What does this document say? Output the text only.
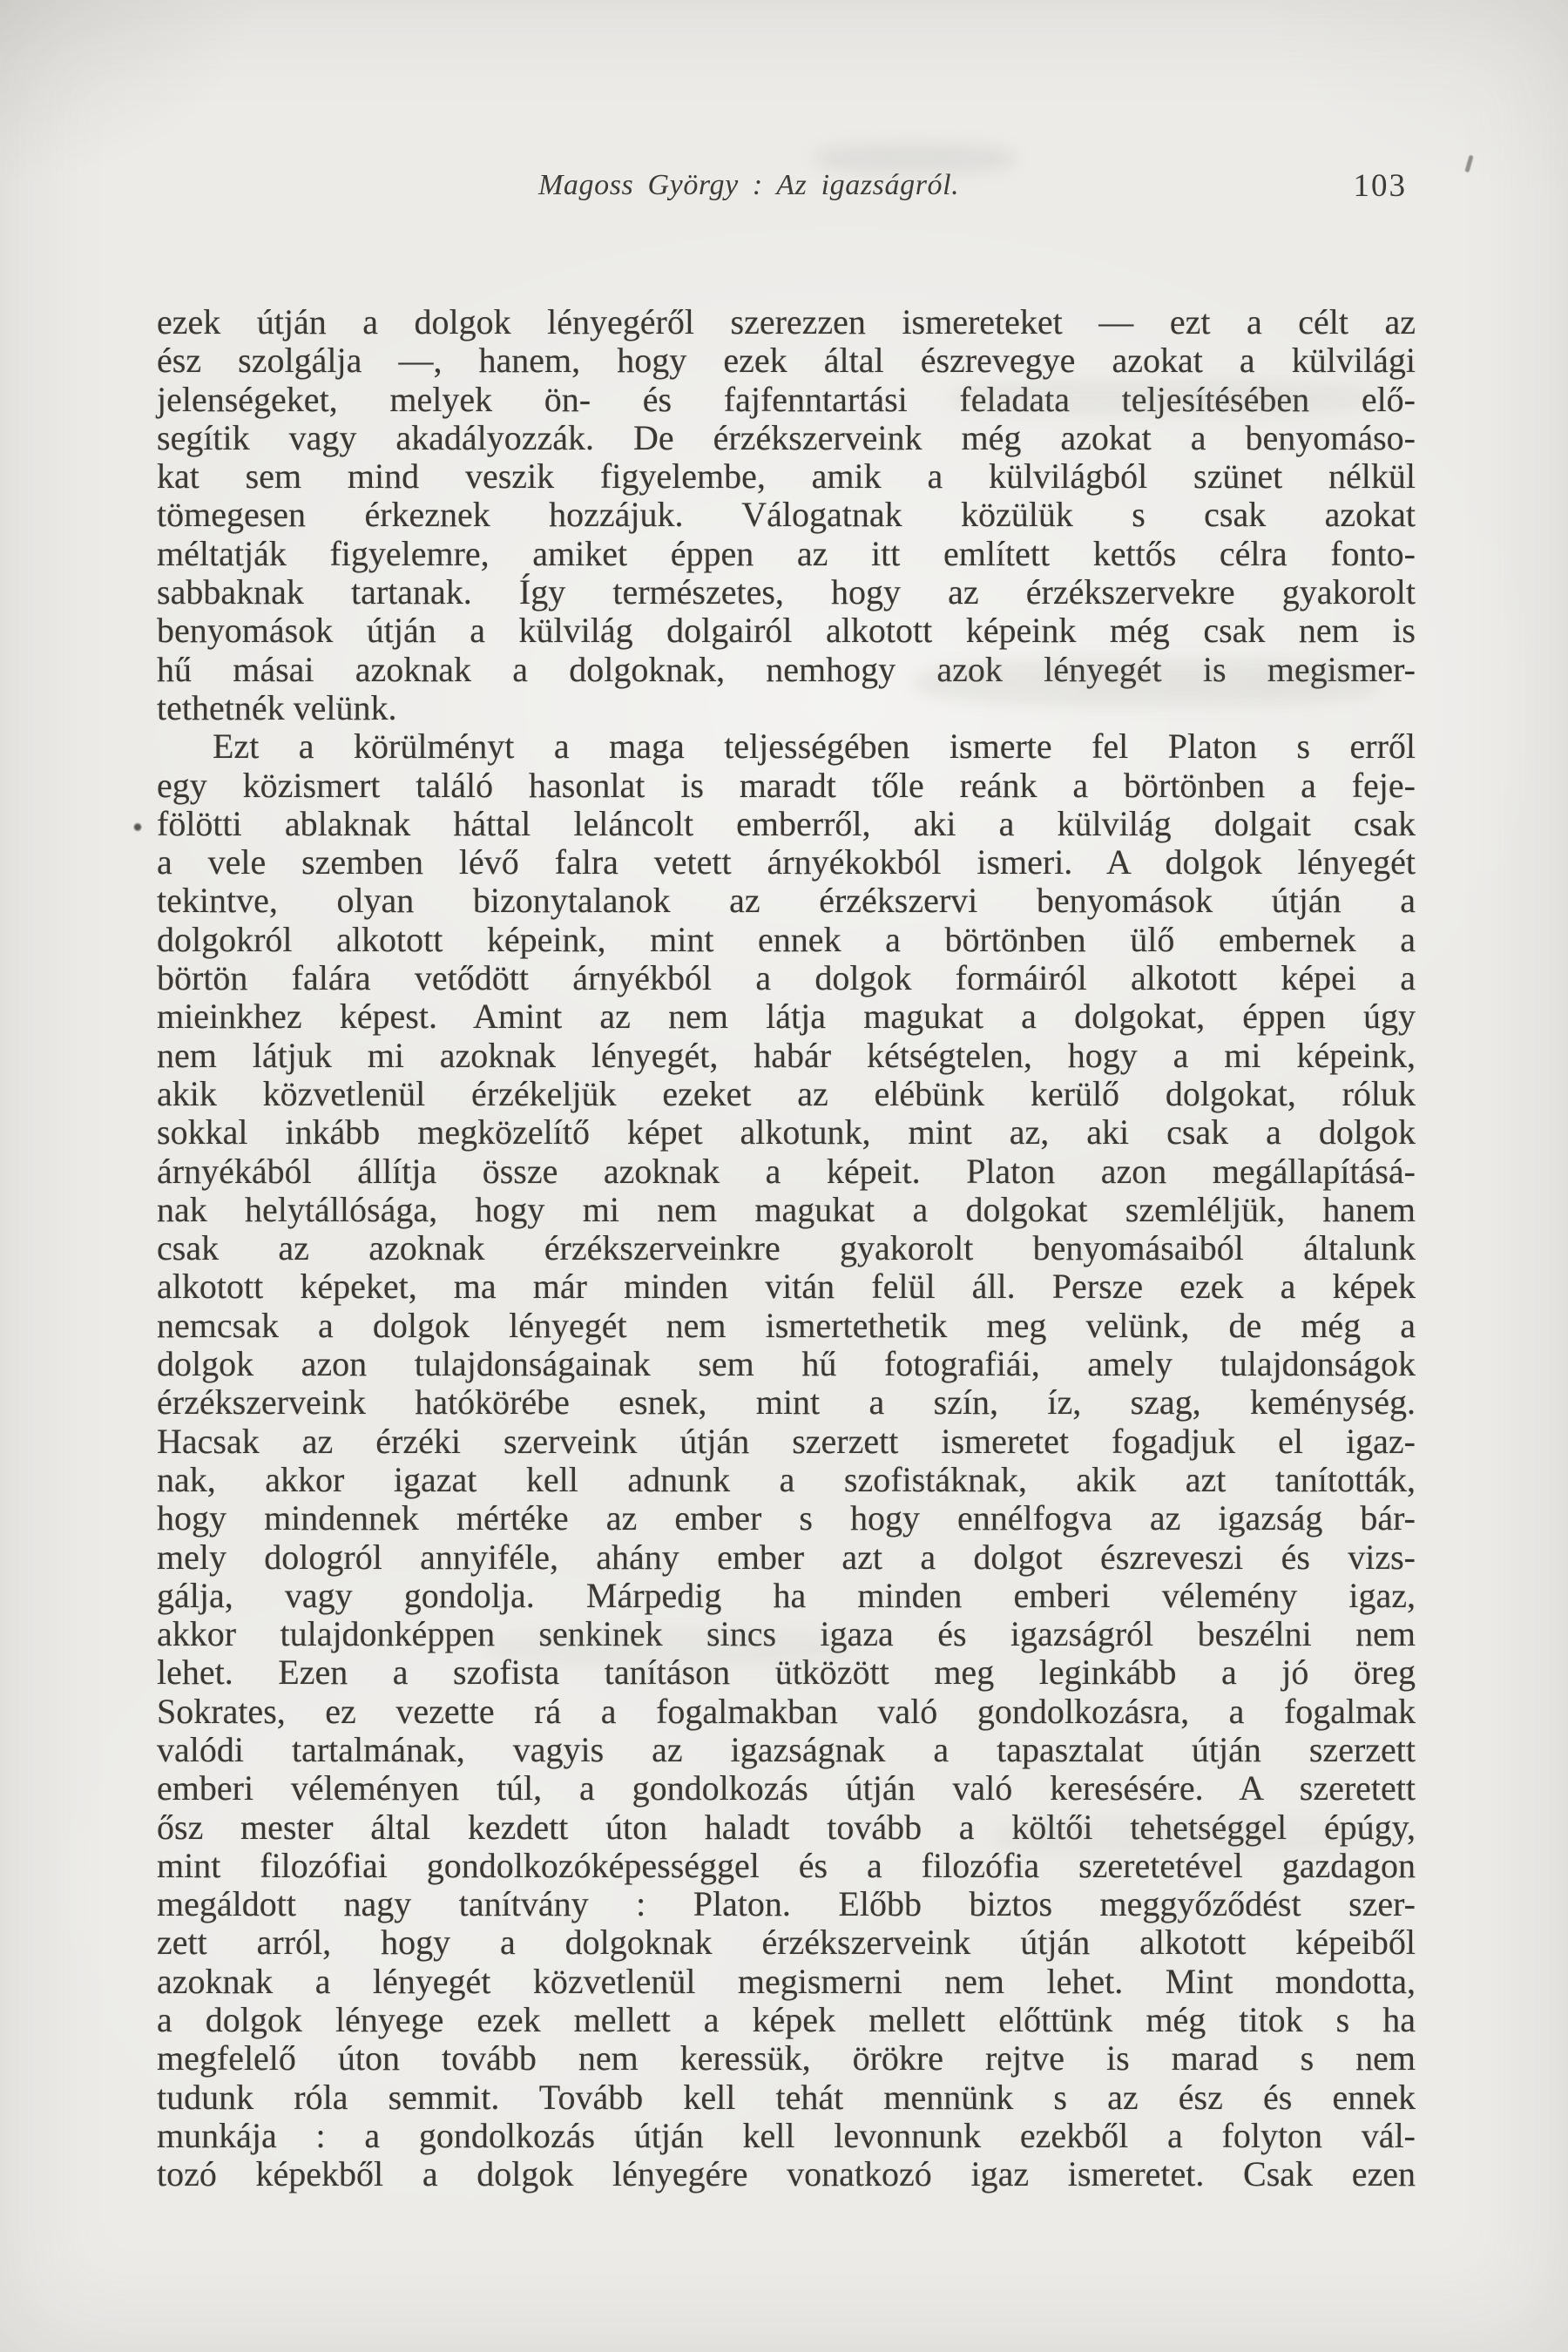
Magoss György : Az igazságról.	103
ezek útján a dolgok lényegéről szerezzen ismereteket — ezt a célt az
ész szolgálja —, hanem, hogy ezek által észrevegye azokat a külvilági
jelenségeket, melyek ön- és fajfenntartási feladata teljesítésében elő-
segítik vagy akadályozzák. De érzékszerveink még azokat a benyomáso-
kat sem mind veszik figyelembe, amik a külvilágból szünet nélkül
tömegesen érkeznek hozzájuk. Válogatnak közülük s csak azokat
méltatják figyelemre, amiket éppen az itt említett kettős célra fonto-
sabbaknak tartanak. Így természetes, hogy az érzékszervekre gyakorolt
benyomások útján a külvilág dolgairól alkotott képeink még csak nem is
hű másai azoknak a dolgoknak, nemhogy azok lényegét is megismer-
tethetnék velünk.
Ezt a körülményt a maga teljességében ismerte fel Platon s erről
egy közismert találó hasonlat is maradt tőle reánk a börtönben a feje-
fölötti ablaknak háttal leláncolt emberről, aki a külvilág dolgait csak
a vele szemben lévő falra vetett árnyékokból ismeri. A dolgok lényegét
tekintve, olyan bizonytalanok az érzékszervi benyomások útján a
dolgokról alkotott képeink, mint ennek a börtönben ülő embernek a
börtön falára vetődött árnyékból a dolgok formáiról alkotott képei a
mieinkhez képest. Amint az nem látja magukat a dolgokat, éppen úgy
nem látjuk mi azoknak lényegét, habár kétségtelen, hogy a mi képeink,
akik közvetlenül érzékeljük ezeket az elébünk kerülő dolgokat, róluk
sokkal inkább megközelítő képet alkotunk, mint az, aki csak a dolgok
árnyékából állítja össze azoknak a képeit. Platon azon megállapításá-
nak helytállósága, hogy mi nem magukat a dolgokat szemléljük, hanem
csak az azoknak érzékszerveinkre gyakorolt benyomásaiból általunk
alkotott képeket, ma már minden vitán felül áll. Persze ezek a képek
nemcsak a dolgok lényegét nem ismertethetik meg velünk, de még a
dolgok azon tulajdonságainak sem hű fotografiái, amely tulajdonságok
érzékszerveink hatókörébe esnek, mint a szín, íz, szag, keménység.
Hacsak az érzéki szerveink útján szerzett ismeretet fogadjuk el igaz-
nak, akkor igazat kell adnunk a szofistáknak, akik azt tanították,
hogy mindennek mértéke az ember s hogy ennélfogva az igazság bár-
mely dologról annyiféle, ahány ember azt a dolgot észreveszi és vizs-
gálja, vagy gondolja. Márpedig ha minden emberi vélemény igaz,
akkor tulajdonképpen senkinek sincs igaza és igazságról beszélni nem
lehet. Ezen a szofista tanításon ütközött meg leginkább a jó öreg
Sokrates, ez vezette rá a fogalmakban való gondolkozásra, a fogalmak
valódi tartalmának, vagyis az igazságnak a tapasztalat útján szerzett
emberi véleményen túl, a gondolkozás útján való keresésére. A szeretett
ősz mester által kezdett úton haladt tovább a költői tehetséggel épúgy,
mint filozófiai gondolkozóképességgel és a filozófia szeretetével gazdagon
megáldott nagy tanítvány : Platon. Előbb biztos meggyőződést szer-
zett arról, hogy a dolgoknak érzékszerveink útján alkotott képeiből
azoknak a lényegét közvetlenül megismerni nem lehet. Mint mondotta,
a dolgok lényege ezek mellett a képek mellett előttünk még titok s ha
megfelelő úton tovább nem keressük, örökre rejtve is marad s nem
tudunk róla semmit. Tovább kell tehát mennünk s az ész és ennek
munkája : a gondolkozás útján kell levonnunk ezekből a folyton vál-
tozó képekből a dolgok lényegére vonatkozó igaz ismeretet. Csak ezen
